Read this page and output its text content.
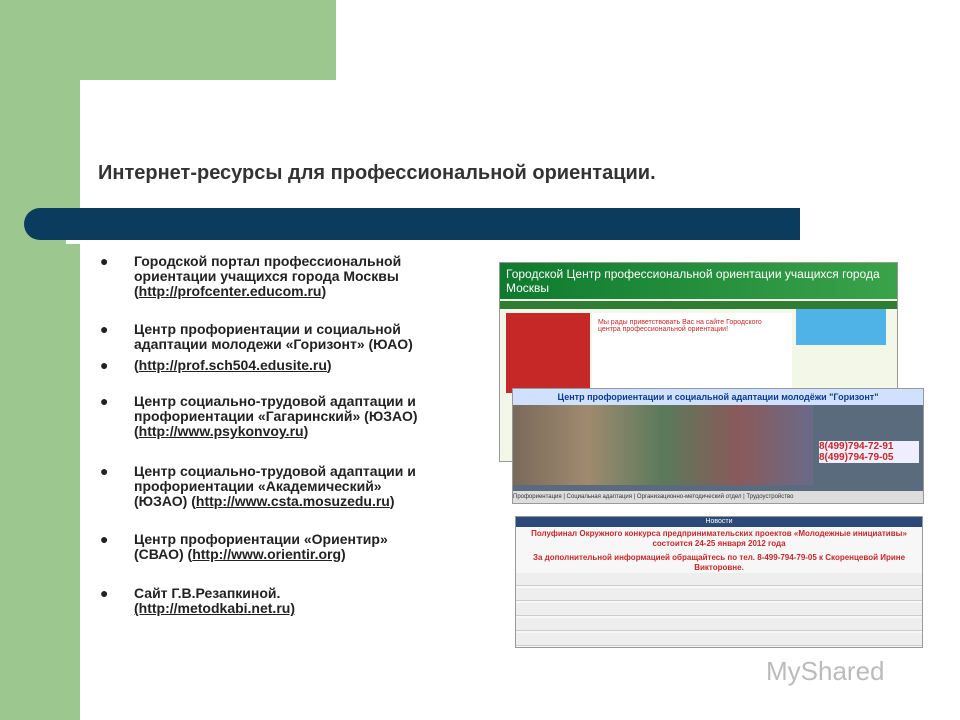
Интернет-ресурсы для профессиональной ориентации.
● Городской портал профессиональной
ориентации учащихся города Москвы
(http://profcenter.educom.ru)
● Центр профориентации и социальной
адаптации молодежи «Горизонт» (ЮАО)
● (http://prof.sch504.edusite.ru)
● Центр социально-трудовой адаптации и
профориентации «Гагаринский» (ЮЗАО)
(http://www.psykonvoy.ru)
● Центр социально-трудовой адаптации и
профориентации «Академический»
(ЮЗАО) (http://www.csta.mosuzedu.ru)
● Центр профориентации «Ориентир»
(СВАО) (http://www.orientir.org)
● Сайт Г.В.Резапкиной.
(http://metodkabi.net.ru)
Городской Центр профессиональной ориентации учащихся города Москвы
Мы рады приветствовать Вас на сайте Городского центра профессиональной ориентации!
Центр профориентации и социальной адаптации молодёжи "Горизонт"
8(499)794-72-91
8(499)794-79-05
Профориентация | Социальная адаптация | Организационно-методический отдел | Трудоустройство
Новости
Полуфинал Окружного конкурса предпринимательских проектов «Молодежные инициативы» состоится 24-25 января 2012 года
За дополнительной информацией обращайтесь по тел. 8-499-794-79-05 к Скоренцевой Ирине Викторовне.
MyShared
